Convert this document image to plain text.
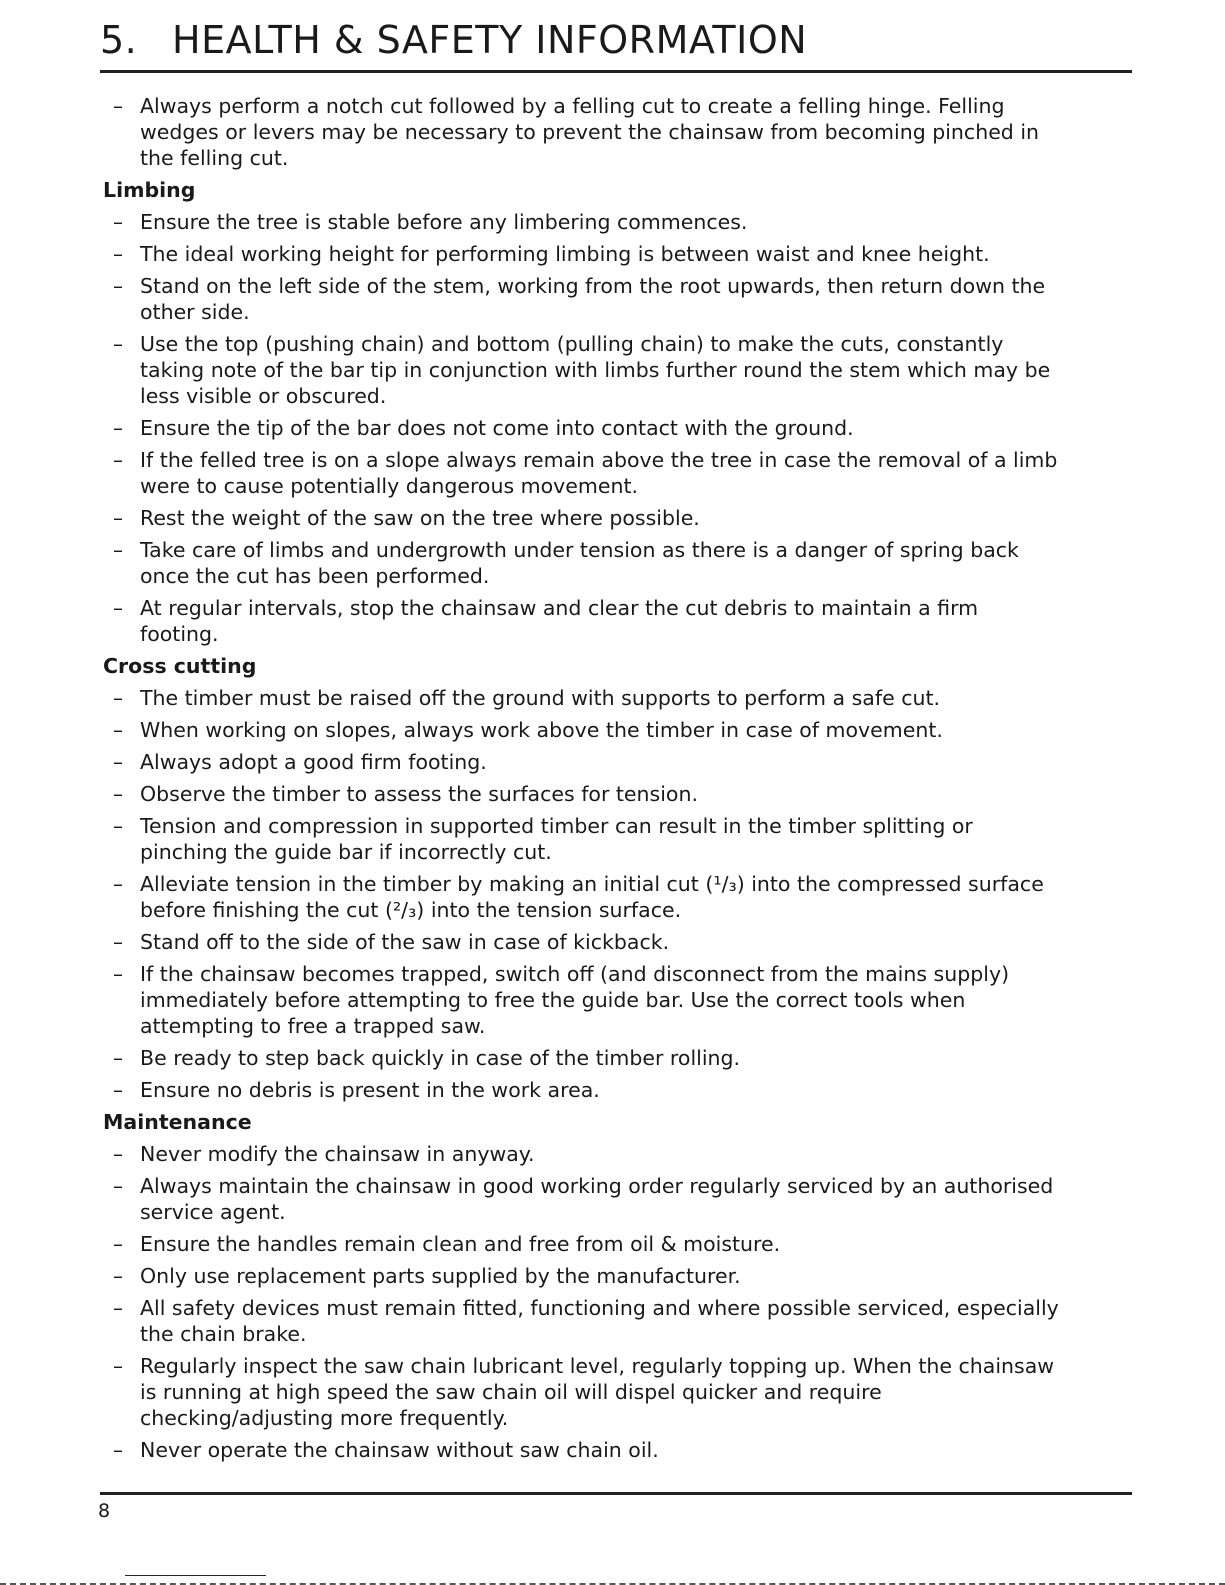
5. HEALTH & SAFETY INFORMATION
– Always perform a notch cut followed by a felling cut to create a felling hinge. Felling
wedges or levers may be necessary to prevent the chainsaw from becoming pinched in
the felling cut.
Limbing
– Ensure the tree is stable before any limbering commences.
– The ideal working height for performing limbing is between waist and knee height.
– Stand on the left side of the stem, working from the root upwards, then return down the
other side.
– Use the top (pushing chain) and bottom (pulling chain) to make the cuts, constantly
taking note of the bar tip in conjunction with limbs further round the stem which may be
less visible or obscured.
– Ensure the tip of the bar does not come into contact with the ground.
– If the felled tree is on a slope always remain above the tree in case the removal of a limb
were to cause potentially dangerous movement.
– Rest the weight of the saw on the tree where possible.
– Take care of limbs and undergrowth under tension as there is a danger of spring back
once the cut has been performed.
– At regular intervals, stop the chainsaw and clear the cut debris to maintain a firm
footing.
Cross cutting
– The timber must be raised off the ground with supports to perform a safe cut.
– When working on slopes, always work above the timber in case of movement.
– Always adopt a good firm footing.
– Observe the timber to assess the surfaces for tension.
– Tension and compression in supported timber can result in the timber splitting or
pinching the guide bar if incorrectly cut.
– Alleviate tension in the timber by making an initial cut (¹/₃) into the compressed surface
before finishing the cut (²/₃) into the tension surface.
– Stand off to the side of the saw in case of kickback.
– If the chainsaw becomes trapped, switch off (and disconnect from the mains supply)
immediately before attempting to free the guide bar. Use the correct tools when
attempting to free a trapped saw.
– Be ready to step back quickly in case of the timber rolling.
– Ensure no debris is present in the work area.
Maintenance
– Never modify the chainsaw in anyway.
– Always maintain the chainsaw in good working order regularly serviced by an authorised
service agent.
– Ensure the handles remain clean and free from oil & moisture.
– Only use replacement parts supplied by the manufacturer.
– All safety devices must remain fitted, functioning and where possible serviced, especially
the chain brake.
– Regularly inspect the saw chain lubricant level, regularly topping up. When the chainsaw
is running at high speed the saw chain oil will dispel quicker and require
checking/adjusting more frequently.
– Never operate the chainsaw without saw chain oil.
8
